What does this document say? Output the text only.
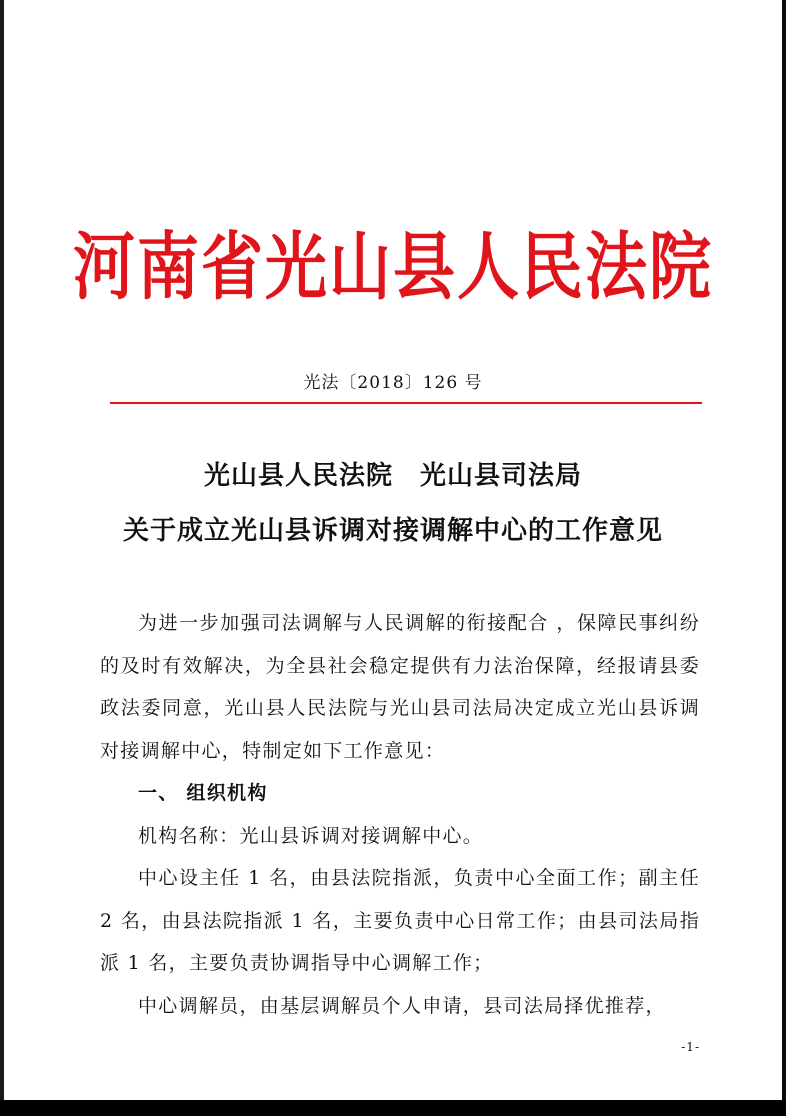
河南省光山县人民法院
光法〔2018〕126 号
光山县人民法院　光山县司法局
关于成立光山县诉调对接调解中心的工作意见

为进一步加强司法调解与人民调解的衔接配合 ，保障民事纠纷的及时有效解决，为全县社会稳定提供有力法治保障，经报请县委政法委同意，光山县人民法院与光山县司法局决定成立光山县诉调对接调解中心，特制定如下工作意见：

一、 组织机构

机构名称：光山县诉调对接调解中心。

中心设主任 1 名，由县法院指派，负责中心全面工作；副主任 2 名，由县法院指派 1 名，主要负责中心日常工作；由县司法局指派 1 名，主要负责协调指导中心调解工作；

中心调解员，由基层调解员个人申请，县司法局择优推荐，

-1-
